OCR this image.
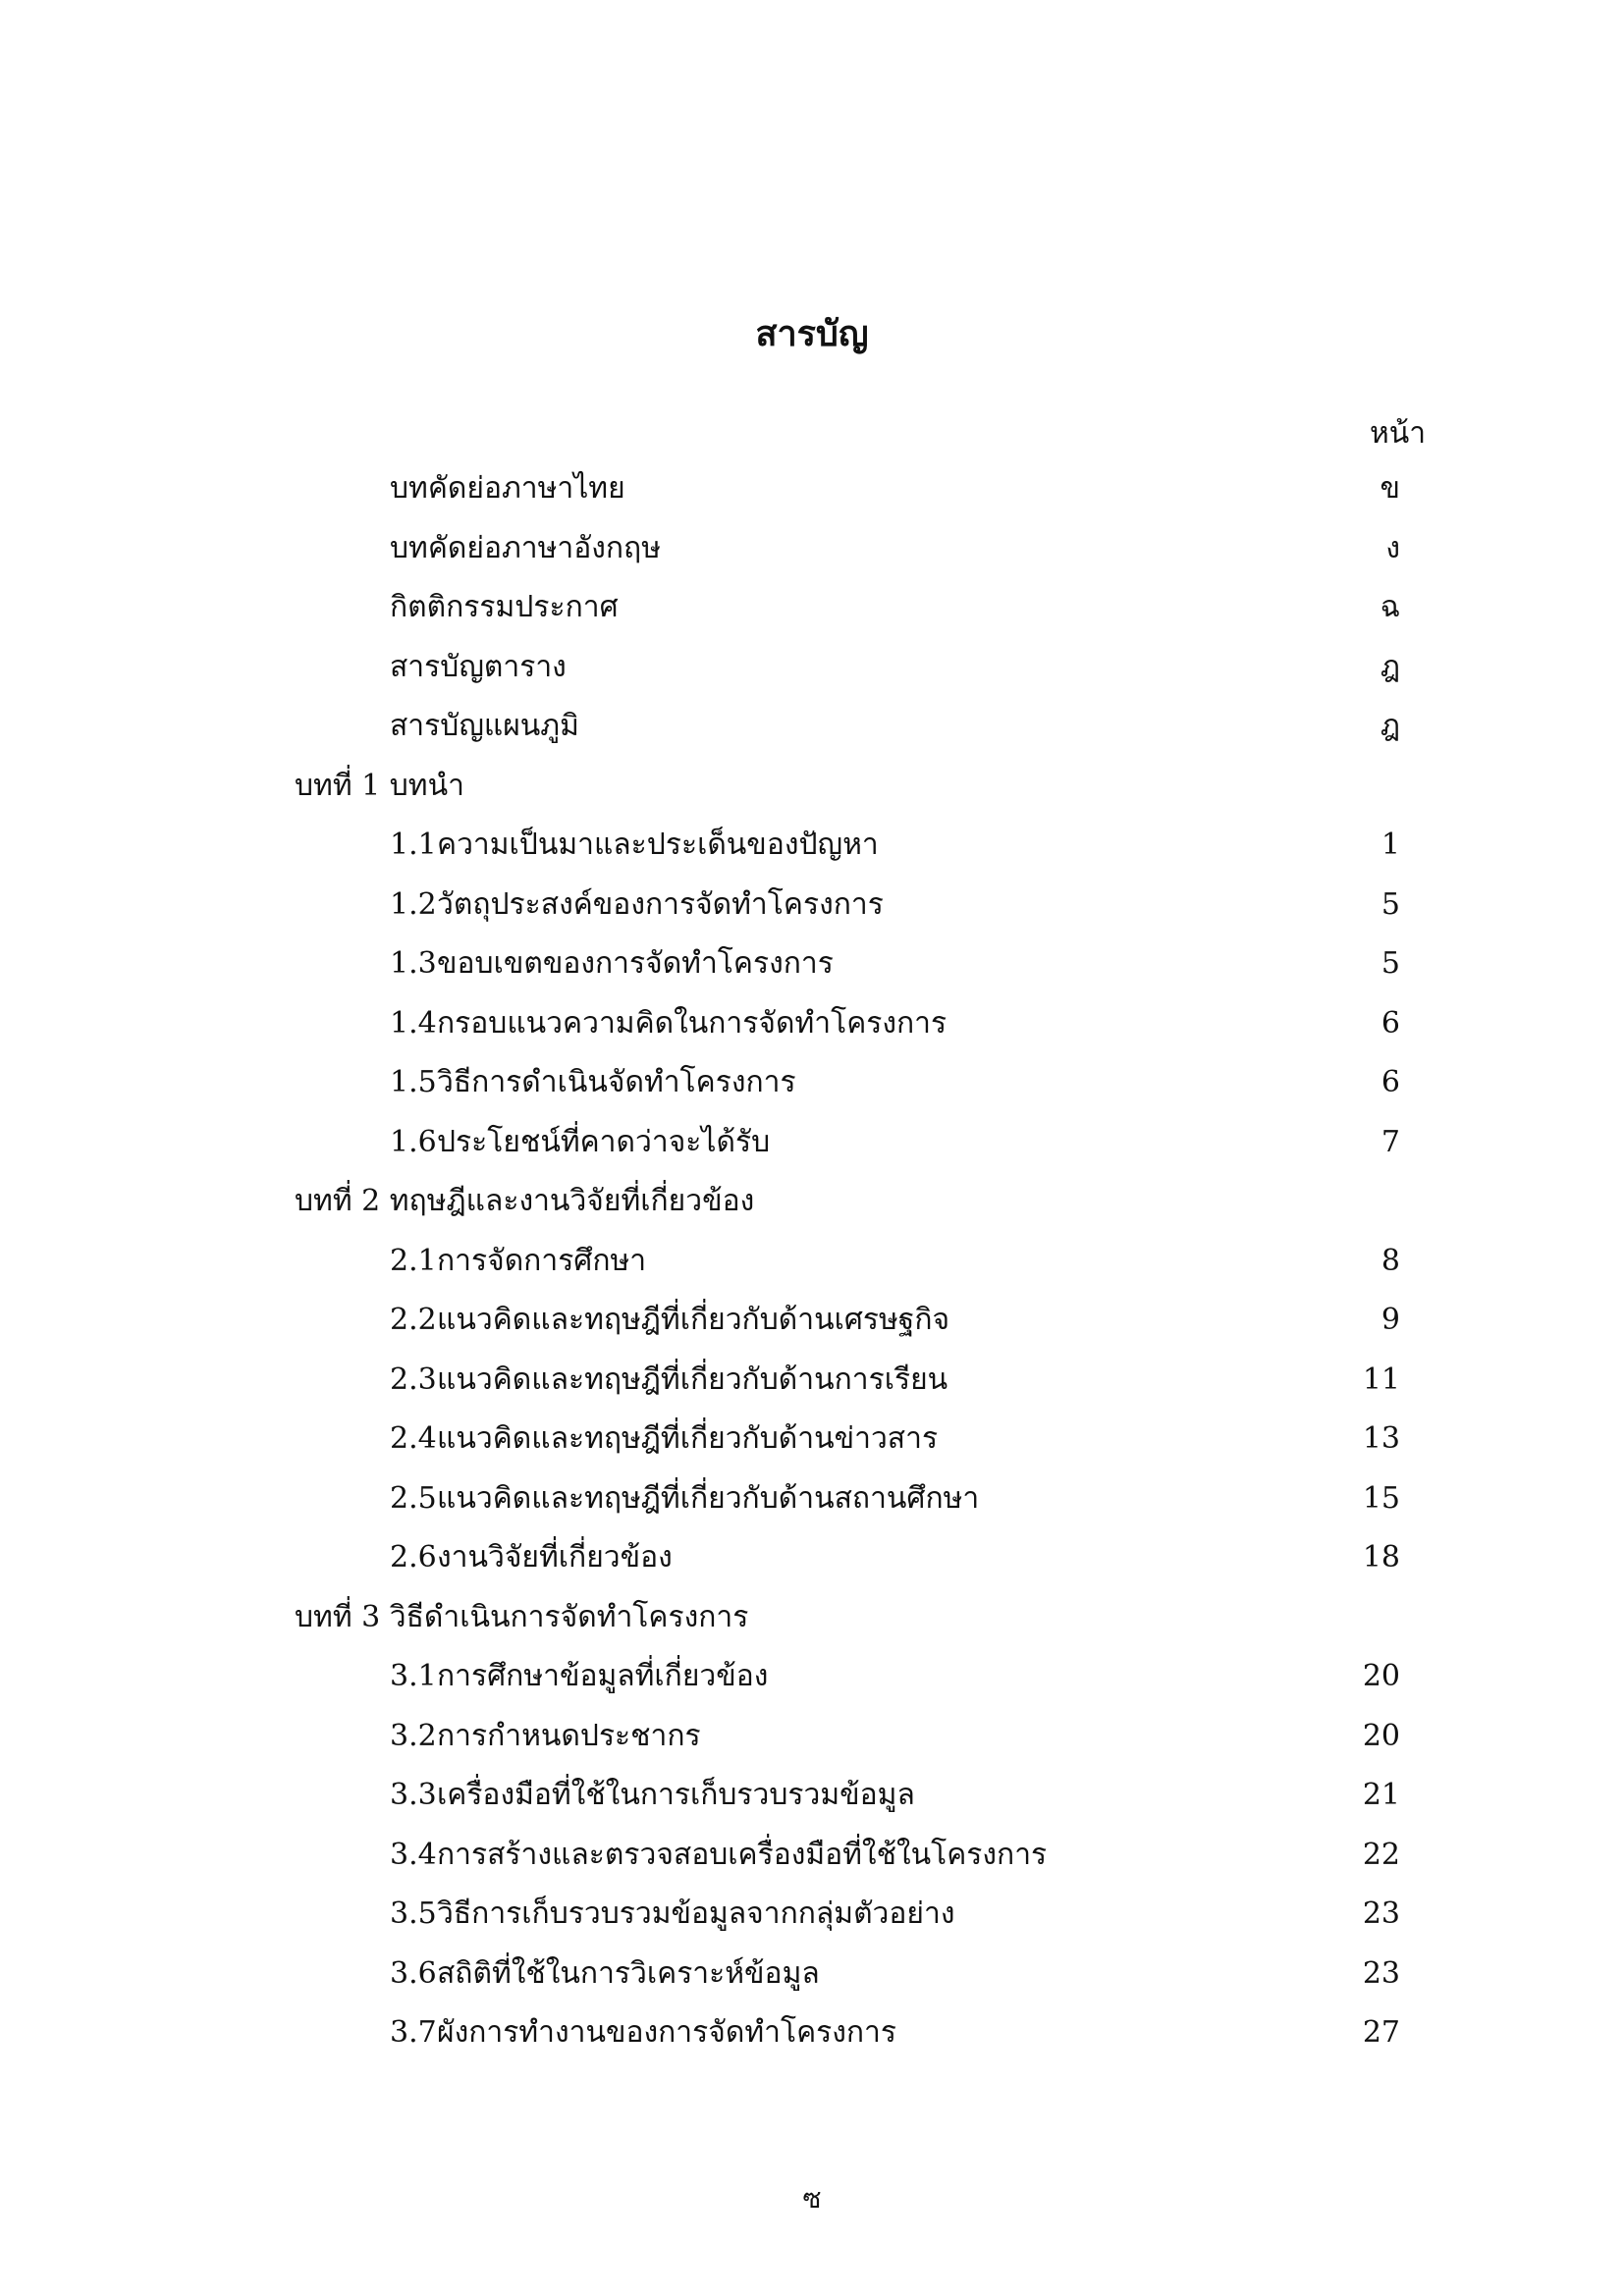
สารบัญ
หน้า
บทคัดย่อภาษาไทย	ข
บทคัดย่อภาษาอังกฤษ	ง
กิตติกรรมประกาศ	ฉ
สารบัญตาราง	ฎ
สารบัญแผนภูมิ	ฎ
บทที่ 1 บทนำ
1.1 ความเป็นมาและประเด็นของปัญหา	1
1.2 วัตถุประสงค์ของการจัดทำโครงการ	5
1.3 ขอบเขตของการจัดทำโครงการ	5
1.4 กรอบแนวความคิดในการจัดทำโครงการ	6
1.5 วิธีการดำเนินจัดทำโครงการ	6
1.6 ประโยชน์ที่คาดว่าจะได้รับ	7
บทที่ 2 ทฤษฎีและงานวิจัยที่เกี่ยวข้อง
2.1 การจัดการศึกษา	8
2.2 แนวคิดและทฤษฎีที่เกี่ยวกับด้านเศรษฐกิจ	9
2.3 แนวคิดและทฤษฎีที่เกี่ยวกับด้านการเรียน	11
2.4 แนวคิดและทฤษฎีที่เกี่ยวกับด้านข่าวสาร	13
2.5 แนวคิดและทฤษฎีที่เกี่ยวกับด้านสถานศึกษา	15
2.6 งานวิจัยที่เกี่ยวข้อง	18
บทที่ 3 วิธีดำเนินการจัดทำโครงการ
3.1 การศึกษาข้อมูลที่เกี่ยวข้อง	20
3.2 การกำหนดประชากร	20
3.3 เครื่องมือที่ใช้ในการเก็บรวบรวมข้อมูล	21
3.4 การสร้างและตรวจสอบเครื่องมือที่ใช้ในโครงการ	22
3.5 วิธีการเก็บรวบรวมข้อมูลจากกลุ่มตัวอย่าง	23
3.6 สถิติที่ใช้ในการวิเคราะห์ข้อมูล	23
3.7 ผังการทำงานของการจัดทำโครงการ	27
ซ
